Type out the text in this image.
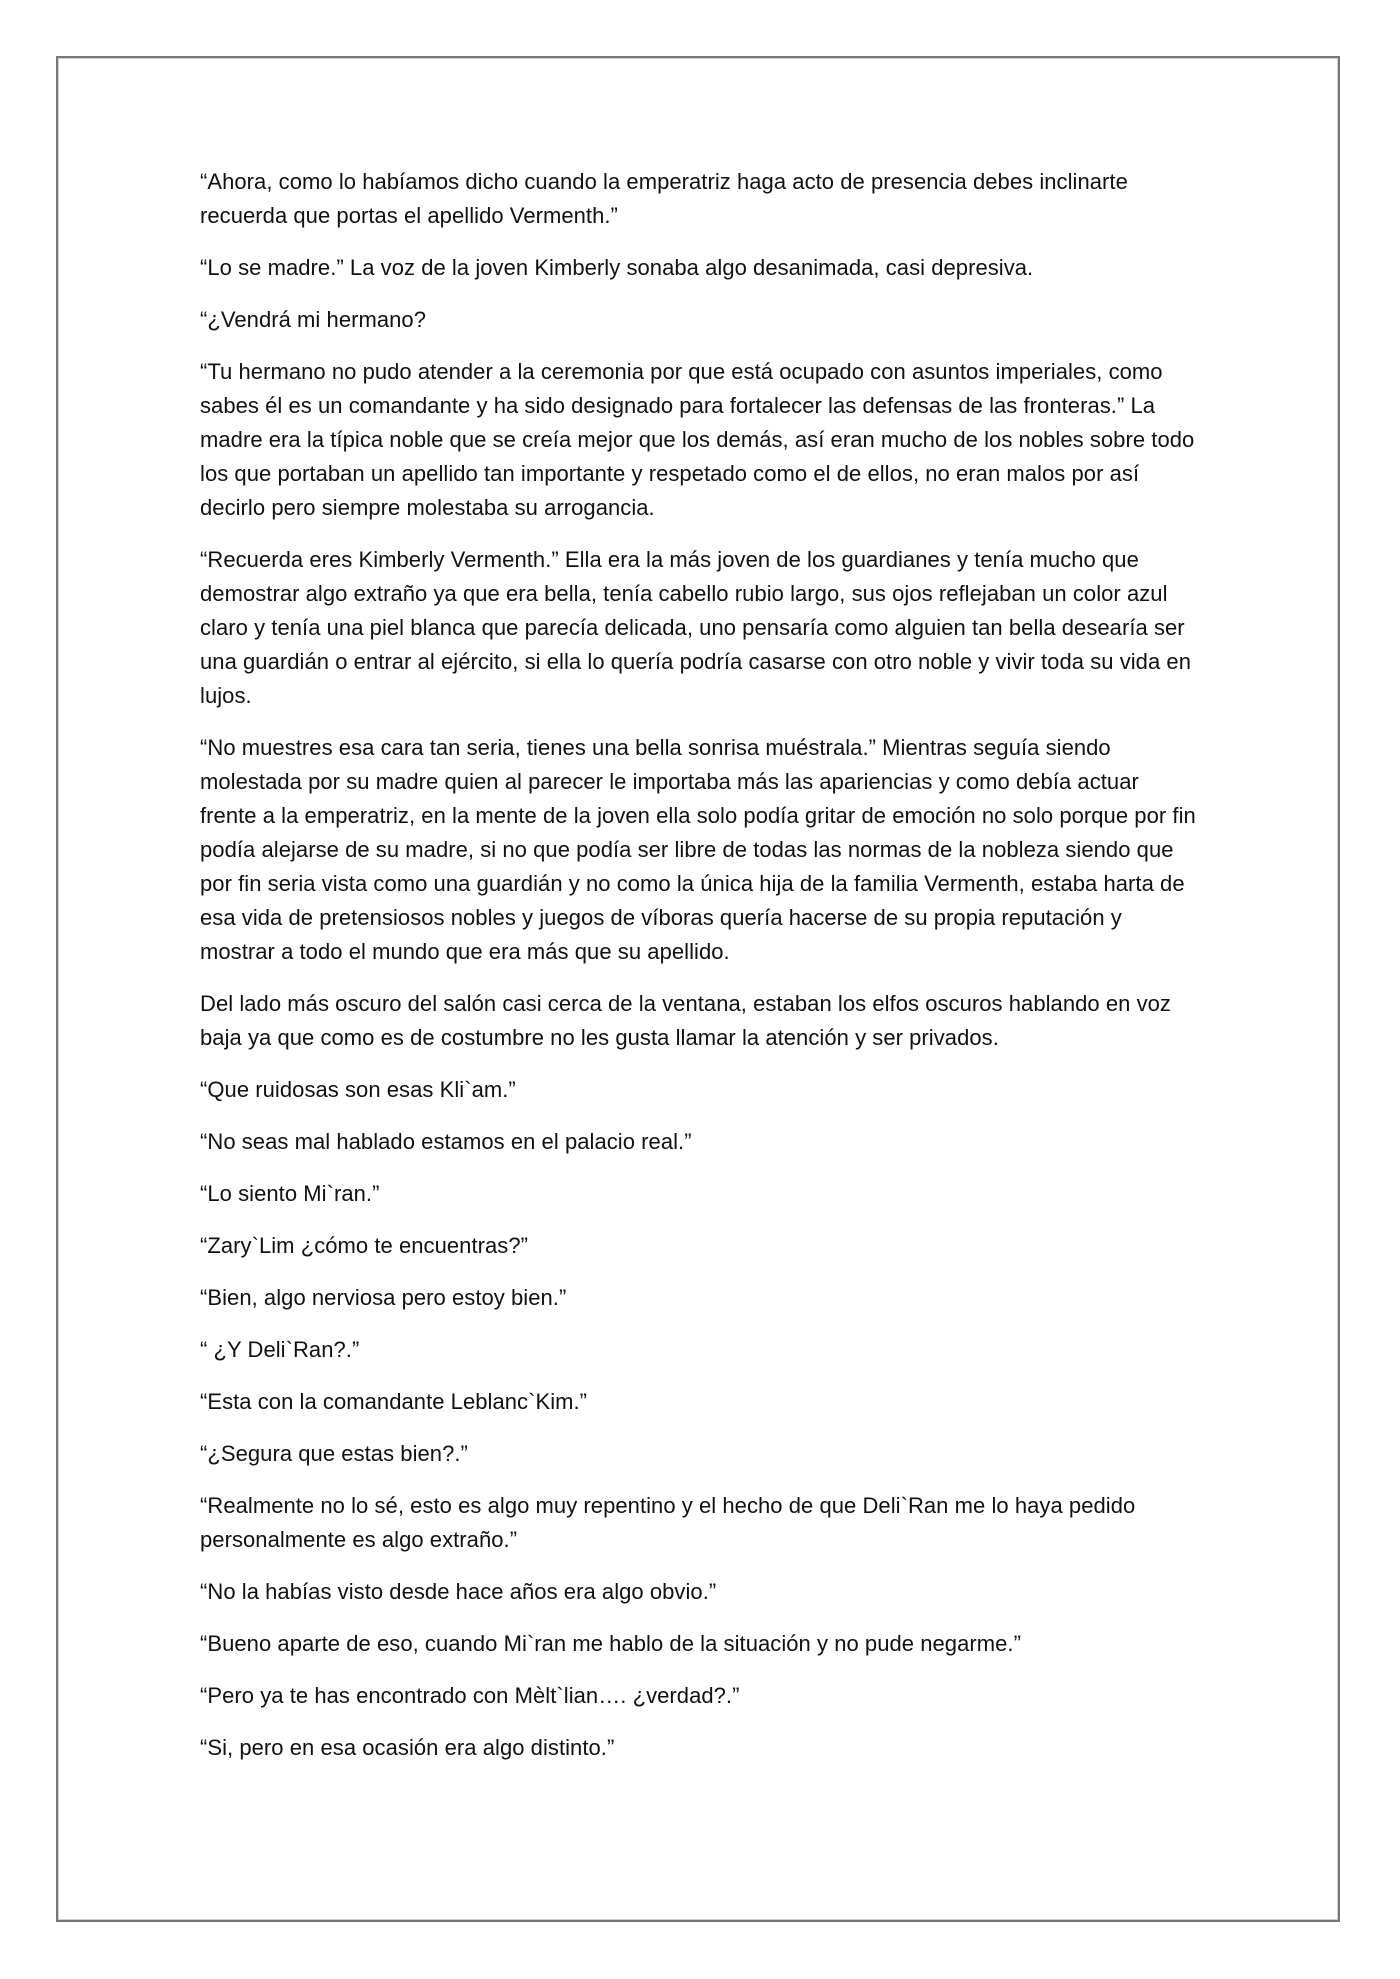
“Ahora, como lo habíamos dicho cuando la emperatriz haga acto de presencia debes inclinarte recuerda que portas el apellido Vermenth.”

“Lo se madre.” La voz de la joven Kimberly sonaba algo desanimada, casi depresiva.

“¿Vendrá mi hermano?

“Tu hermano no pudo atender a la ceremonia por que está ocupado con asuntos imperiales, como sabes él es un comandante y ha sido designado para fortalecer las defensas de las fronteras.” La madre era la típica noble que se creía mejor que los demás, así eran mucho de los nobles sobre todo los que portaban un apellido tan importante y respetado como el de ellos, no eran malos por así decirlo pero siempre molestaba su arrogancia.

“Recuerda eres Kimberly Vermenth.” Ella era la más joven de los guardianes y tenía mucho que demostrar algo extraño ya que era bella, tenía cabello rubio largo, sus ojos reflejaban un color azul claro y tenía una piel blanca que parecía delicada, uno pensaría como alguien tan bella desearía ser una guardián o entrar al ejército, si ella lo quería podría casarse con otro noble y vivir toda su vida en lujos.

“No muestres esa cara tan seria, tienes una bella sonrisa muéstrala.” Mientras seguía siendo molestada por su madre quien al parecer le importaba más las apariencias y como debía actuar frente a la emperatriz, en la mente de la joven ella solo podía gritar de emoción no solo porque por fin podía alejarse de su madre, si no que podía ser libre de todas las normas de la nobleza siendo que por fin seria vista como una guardián y no como la única hija de la familia Vermenth, estaba harta de esa vida de pretensiosos nobles y juegos de víboras quería hacerse de su propia reputación y mostrar a todo el mundo que era más que su apellido.

Del lado más oscuro del salón casi cerca de la ventana, estaban los elfos oscuros hablando en voz baja ya que como es de costumbre no les gusta llamar la atención y ser privados.

“Que ruidosas son esas Kli`am.”

“No seas mal hablado estamos en el palacio real.”

“Lo siento Mi`ran.”

“Zary`Lim ¿cómo te encuentras?”

“Bien, algo nerviosa pero estoy bien.”

“ ¿Y Deli`Ran?.”

“Esta con la comandante Leblanc`Kim.”

“¿Segura que estas bien?.”

“Realmente no lo sé, esto es algo muy repentino y el hecho de que Deli`Ran me lo haya pedido personalmente es algo extraño.”

“No la habías visto desde hace años era algo obvio.”

“Bueno aparte de eso, cuando Mi`ran me hablo de la situación y no pude negarme.”

“Pero ya te has encontrado con Mèlt`lian…. ¿verdad?.”

“Si, pero en esa ocasión era algo distinto.”
